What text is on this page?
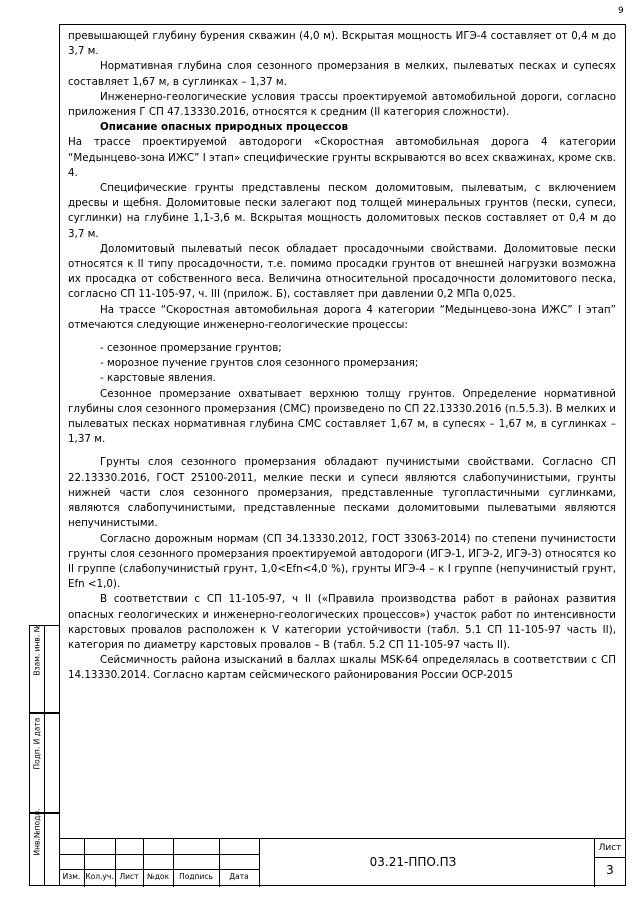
9

превышающей глубину бурения скважин (4,0 м). Вскрытая мощность ИГЭ-4 составляет от 0,4 м до 3,7 м.

Нормативная глубина слоя сезонного промерзания в мелких, пылеватых песках и супесях составляет 1,67 м, в суглинках – 1,37 м.

Инженерно-геологические условия трассы проектируемой автомобильной дороги, согласно приложения Г СП 47.13330.2016, относятся к средним (II категория сложности).

Описание опасных природных процессов

На трассе проектируемой автодороги «Скоростная автомобильная дорога 4 категории “Медынцево-зона ИЖС” I этап» специфические грунты вскрываются во всех скважинах, кроме скв. 4.

Специфические грунты представлены песком доломитовым, пылеватым, с включением дресвы и щебня. Доломитовые пески залегают под толщей минеральных грунтов (пески, супеси, суглинки) на глубине 1,1-3,6 м. Вскрытая мощность доломитовых песков составляет от 0,4 м до 3,7 м.

Доломитовый пылеватый песок обладает просадочными свойствами. Доломитовые пески относятся к II типу просадочности, т.е. помимо просадки грунтов от внешней нагрузки возможна их просадка от собственного веса. Величина относительной просадочности доломитового песка, согласно СП 11-105-97, ч. III (прилож. Б), составляет при давлении 0,2 МПа 0,025.

На трассе “Скоростная автомобильная дорога 4 категории “Медынцево-зона ИЖС” I этап” отмечаются следующие инженерно-геологические процессы:

- сезонное промерзание грунтов;

- морозное пучение грунтов слоя сезонного промерзания;

- карстовые явления.

Сезонное промерзание охватывает верхнюю толщу грунтов. Определение нормативной глубины слоя сезонного промерзания (СМС) произведено по СП 22.13330.2016 (п.5.5.3). В мелких и пылеватых песках нормативная глубина СМС составляет 1,67 м, в супесях – 1,67 м, в суглинках – 1,37 м.

Грунты слоя сезонного промерзания обладают пучинистыми свойствами. Согласно СП 22.13330.2016, ГОСТ 25100-2011, мелкие пески и супеси являются слабопучинистыми, грунты нижней части слоя сезонного промерзания, представленные тугопластичными суглинками, являются слабопучинистыми, представленные песками доломитовыми пылеватыми являются непучинистыми.

Согласно дорожным нормам (СП 34.13330.2012, ГОСТ 33063-2014) по степени пучинистости грунты слоя сезонного промерзания проектируемой автодороги (ИГЭ-1, ИГЭ-2, ИГЭ-3) относятся ко II группе (слабопучинистый грунт, 1,0<Efn<4,0 %), грунты ИГЭ-4 – к I группе (непучинистый грунт, Efn <1,0).

В соответствии с СП 11-105-97, ч II («Правила производства работ в районах развития опасных геологических и инженерно-геологических процессов») участок работ по интенсивности карстовых провалов расположен к V категории устойчивости (табл. 5.1 СП 11-105-97 часть II), категория по диаметру карстовых провалов – В (табл. 5.2 СП 11-105-97 часть II).

Сейсмичность района изысканий в баллах шкалы MSK-64 определялась в соответствии с СП 14.13330.2014. Согласно картам сейсмического районирования России ОСР-2015

Взам. инв. №
Подп. И дата
Инв.№подл.
Изм. Кол.уч. Лист	№док	Подпись	Дата
03.21-ППО.ПЗ
Лист
3
